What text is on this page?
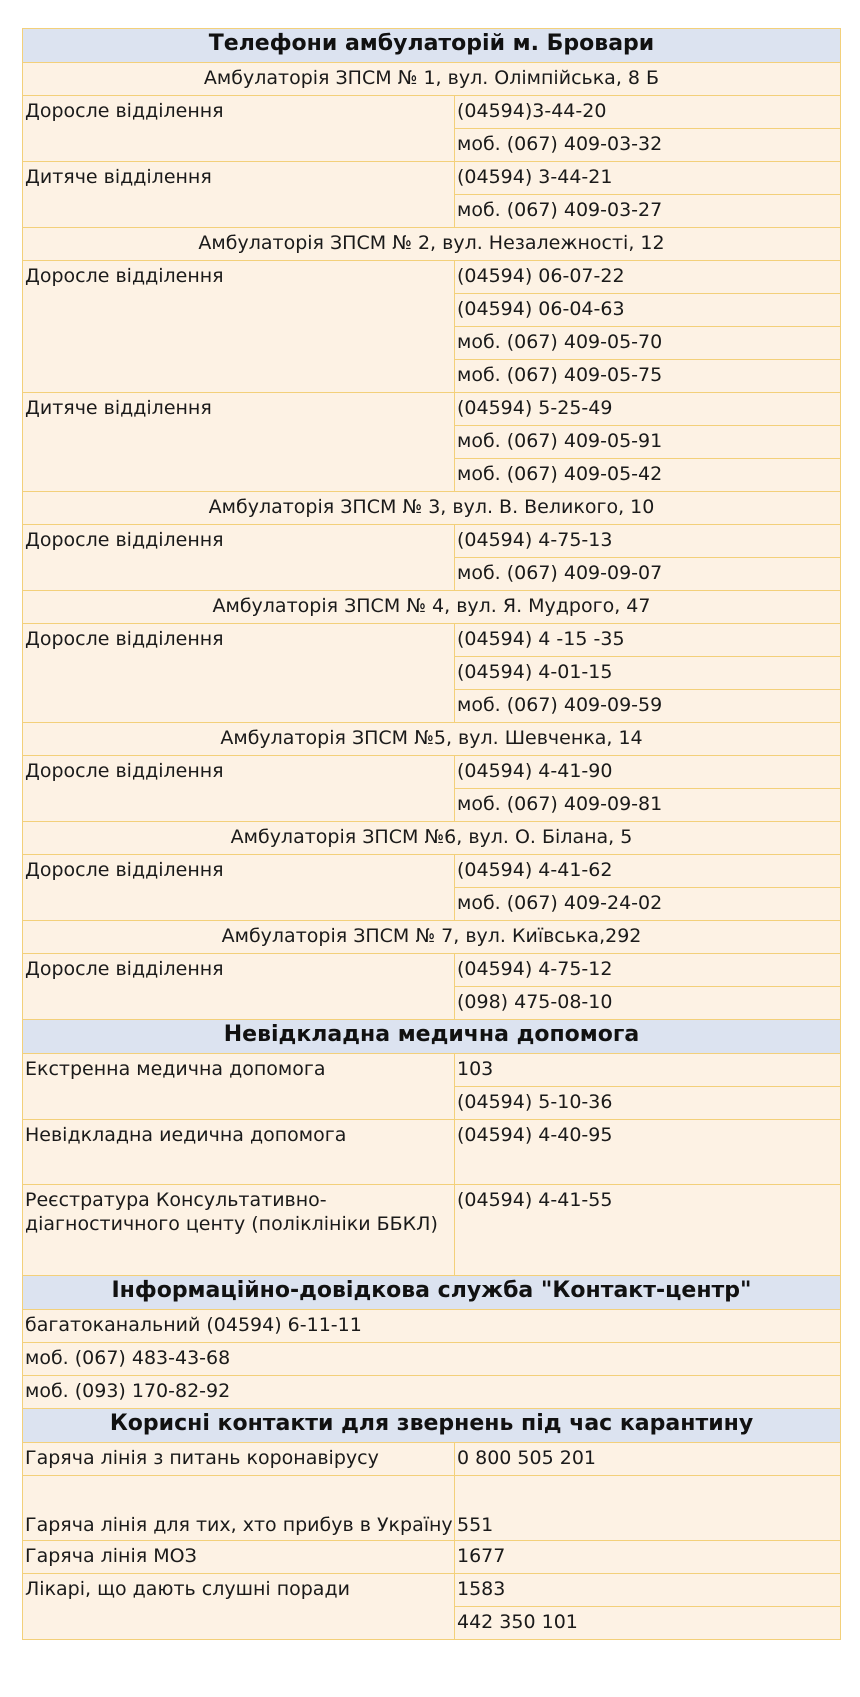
Телефони амбулаторій м. Бровари	
Амбулаторія ЗПСМ № 1, вул. Олімпійська, 8 Б	
Доросле відділення	(04594)3-44-20
	моб. (067) 409-03-32
Дитяче відділення	(04594) 3-44-21
	моб. (067) 409-03-27
Амбулаторія ЗПСМ № 2, вул. Незалежності, 12	
Доросле відділення	(04594) 06-07-22
	(04594) 06-04-63
	моб. (067) 409-05-70
	моб. (067) 409-05-75
Дитяче відділення	(04594) 5-25-49
	моб. (067) 409-05-91
	моб. (067) 409-05-42
Амбулаторія ЗПСМ № 3, вул. В. Великого, 10	
Доросле відділення	(04594) 4-75-13
	моб. (067) 409-09-07
Амбулаторія ЗПСМ № 4, вул. Я. Мудрого, 47	
Доросле відділення	(04594) 4 -15 -35
	(04594) 4-01-15
	моб. (067) 409-09-59
Амбулаторія ЗПСМ №5, вул. Шевченка, 14	
Доросле відділення	(04594) 4-41-90
	моб. (067) 409-09-81
Амбулаторія ЗПСМ №6, вул. О. Білана, 5	
Доросле відділення	(04594) 4-41-62
	моб. (067) 409-24-02
Амбулаторія ЗПСМ № 7, вул. Київська,292	
Доросле відділення	(04594) 4-75-12
	(098) 475-08-10
Невідкладна медична допомога	
Екстренна медична допомога	103
	(04594) 5-10-36
Невідкладна иедична допомога	(04594) 4-40-95
Реєстратура Консультативно-діагностичного центу (поліклініки ББКЛ)	(04594) 4-41-55
Інформаційно-довідкова служба "Контакт-центр"	
багатоканальний (04594) 6-11-11	
моб. (067) 483-43-68	
моб. (093) 170-82-92	
Корисні контакти для звернень під час карантину	
Гаряча лінія з питань коронавірусу	0 800 505 201
Гаряча лінія для тих, хто прибув в Україну	551
Гаряча лінія МОЗ	1677
Лікарі, що дають слушні поради	1583
	442 350 101
